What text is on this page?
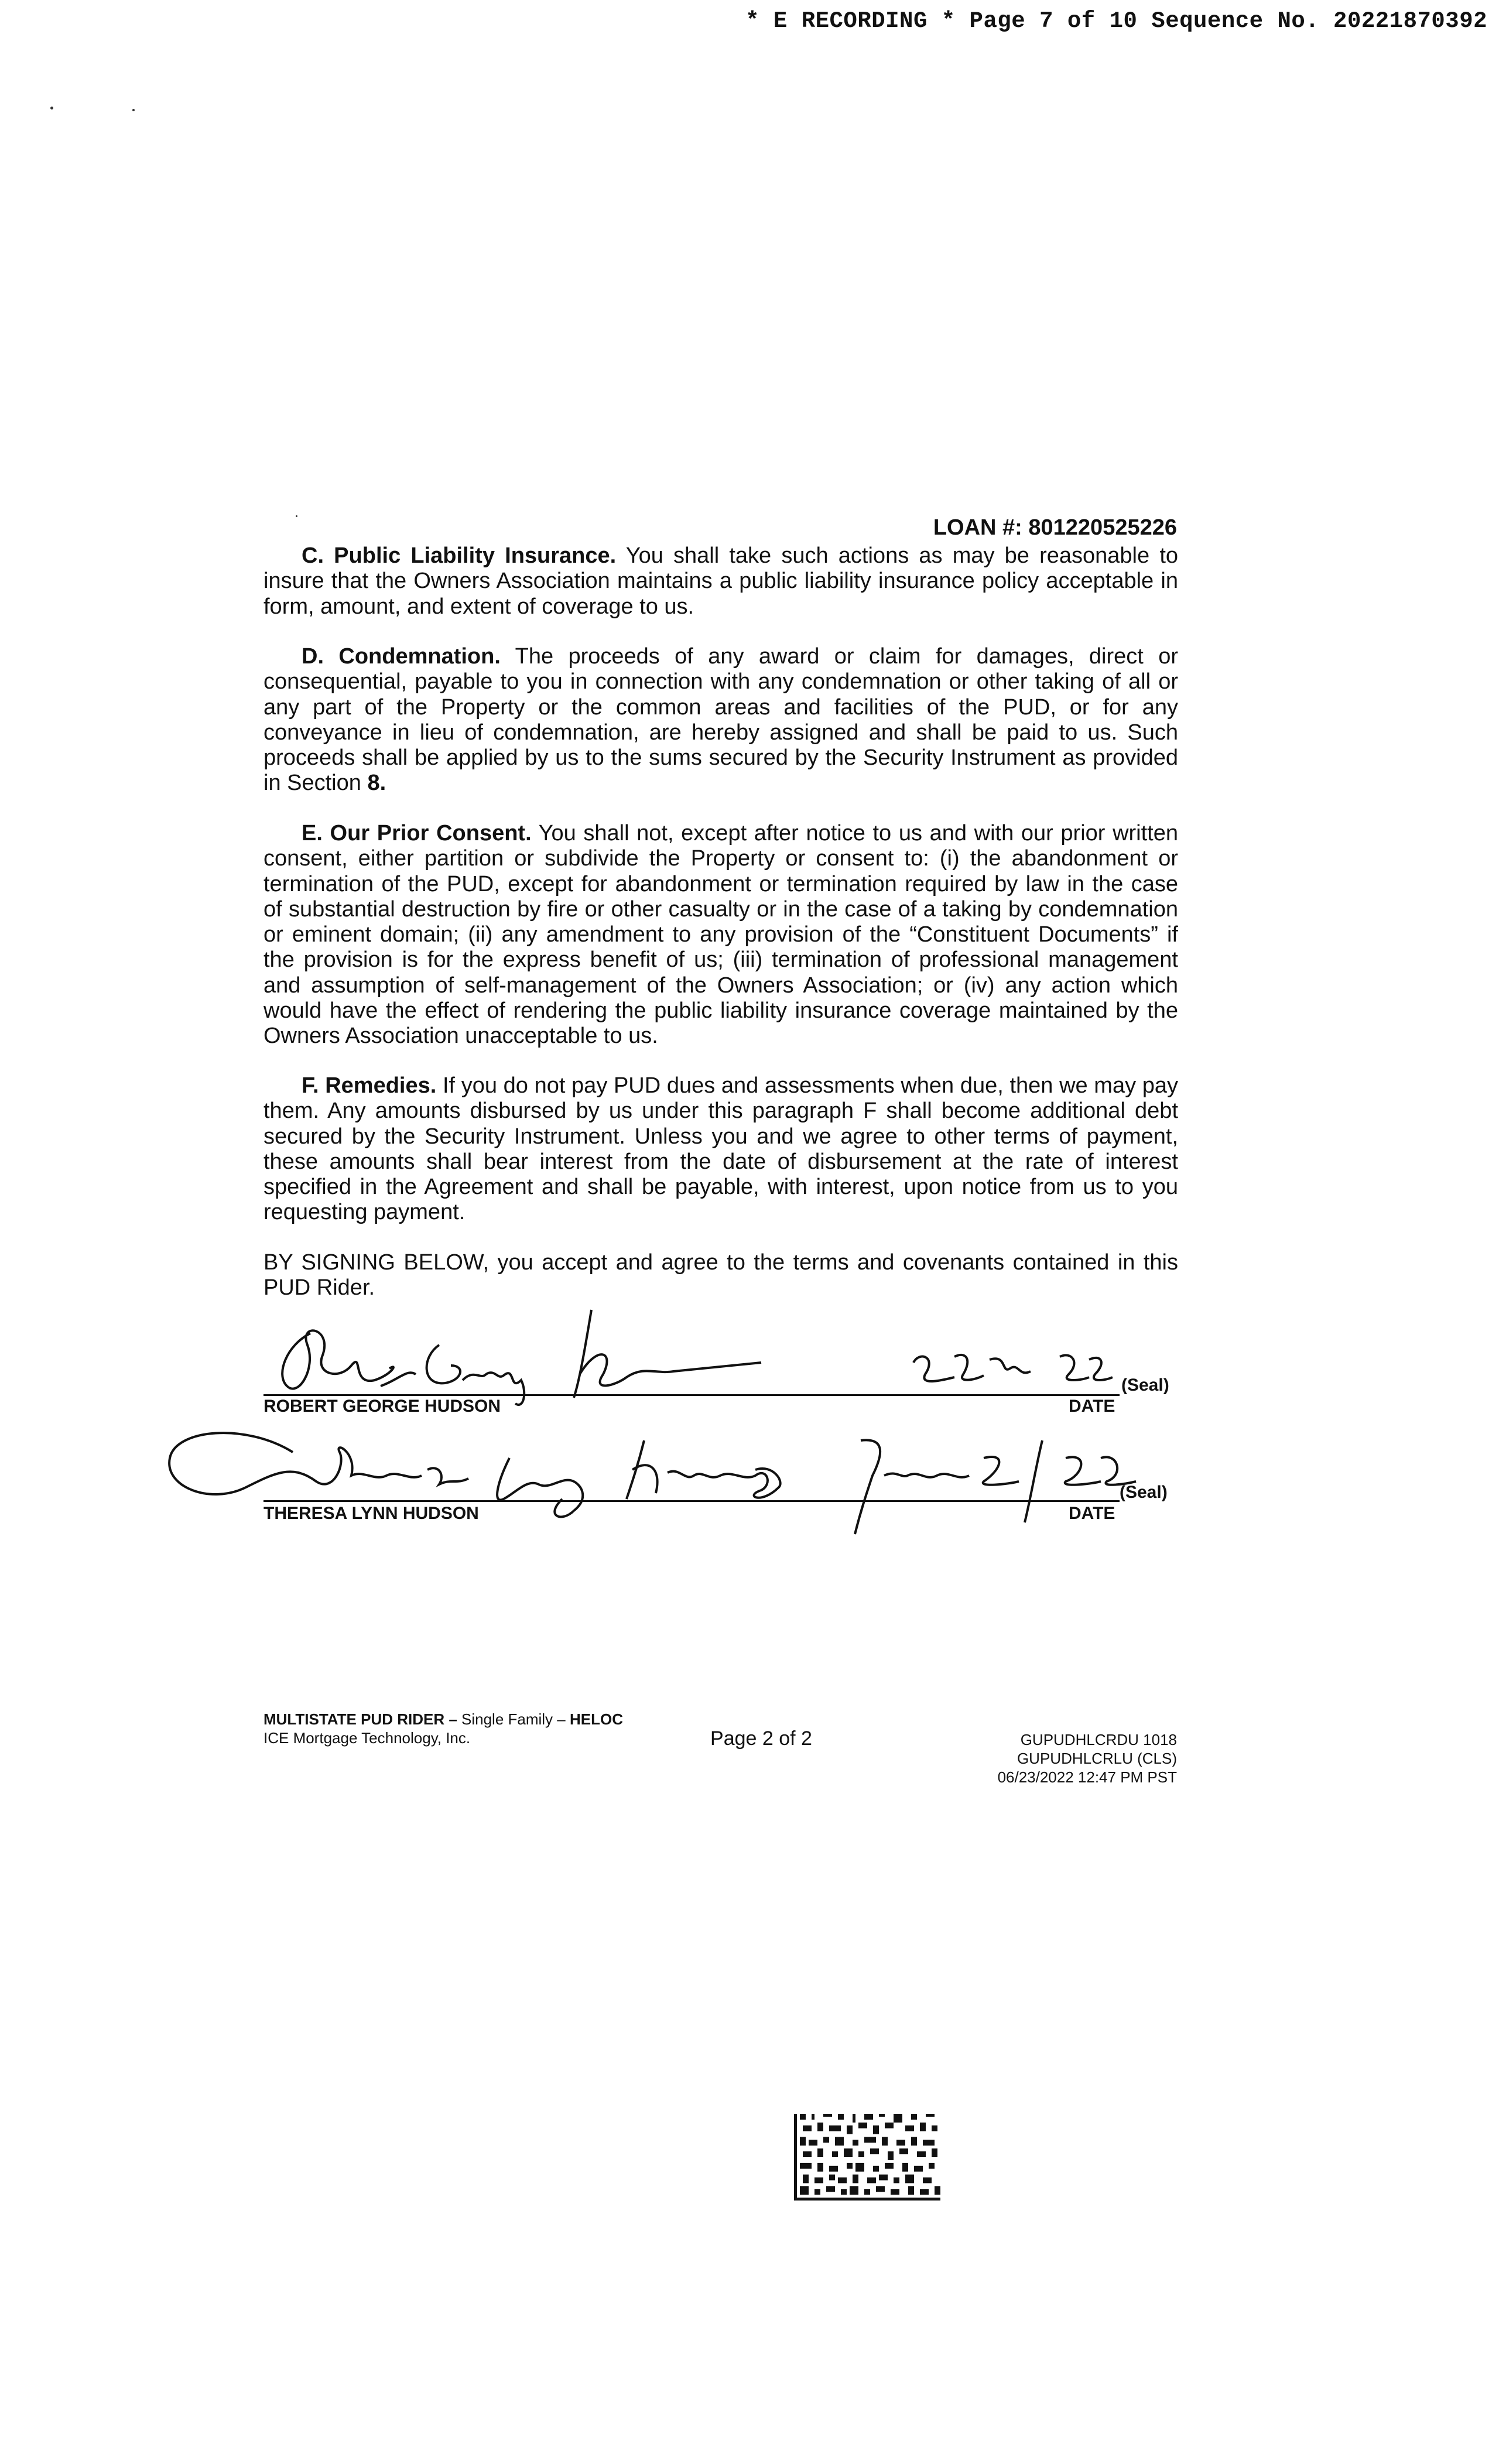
* E RECORDING * Page 7 of 10 Sequence No. 20221870392
LOAN #: 801220525226

C. Public Liability Insurance. You shall take such actions as may be reasonable to insure that the Owners Association maintains a public liability insurance policy acceptable in form, amount, and extent of coverage to us.

D. Condemnation. The proceeds of any award or claim for damages, direct or consequential, payable to you in connection with any condemnation or other taking of all or any part of the Property or the common areas and facilities of the PUD, or for any conveyance in lieu of condemnation, are hereby assigned and shall be paid to us. Such proceeds shall be applied by us to the sums secured by the Security Instrument as provided in Section 8.

E. Our Prior Consent. You shall not, except after notice to us and with our prior written consent, either partition or subdivide the Property or consent to: (i) the abandonment or termination of the PUD, except for abandonment or termination required by law in the case of substantial destruction by fire or other casualty or in the case of a taking by condemnation or eminent domain; (ii) any amendment to any provision of the “Constituent Documents” if the provision is for the express benefit of us; (iii) termination of professional management and assumption of self-management of the Owners Association; or (iv) any action which would have the effect of rendering the public liability insurance coverage maintained by the Owners Association unacceptable to us.

F. Remedies. If you do not pay PUD dues and assessments when due, then we may pay them. Any amounts disbursed by us under this paragraph F shall become additional debt secured by the Security Instrument. Unless you and we agree to other terms of payment, these amounts shall bear interest from the date of disbursement at the rate of interest specified in the Agreement and shall be payable, with interest, upon notice from us to you requesting payment.

BY SIGNING BELOW, you accept and agree to the terms and covenants contained in this PUD Rider.

(Seal)
ROBERT GEORGE HUDSON	DATE
(Seal)
THERESA LYNN HUDSON	DATE
MULTISTATE PUD RIDER – Single Family – HELOC
ICE Mortgage Technology, Inc.	Page 2 of 2	GUPUDHLCRDU 1018
GUPUDHLCRLU (CLS)
06/23/2022 12:47 PM PST
